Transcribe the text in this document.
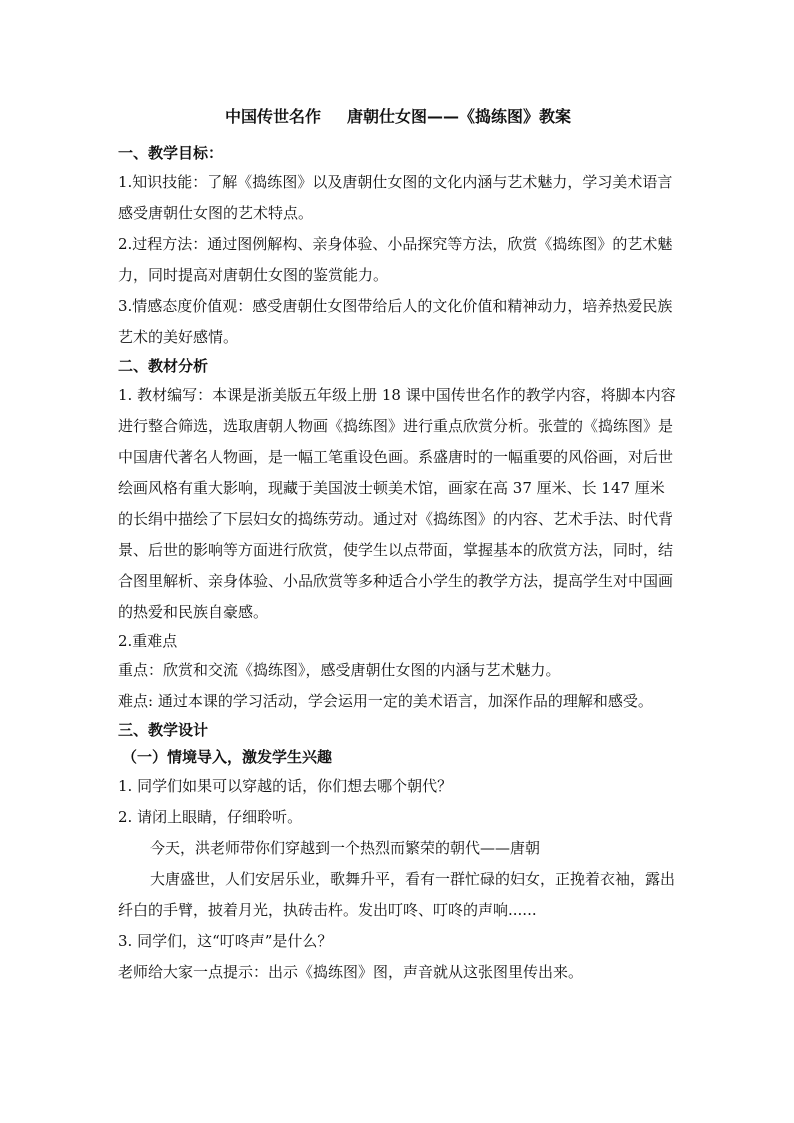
中国传世名作 唐朝仕女图——《捣练图》教案

一、教学目标：

1.知识技能：了解《捣练图》以及唐朝仕女图的文化内涵与艺术魅力，学习美术语言感受唐朝仕女图的艺术特点。

2.过程方法：通过图例解构、亲身体验、小品探究等方法，欣赏《捣练图》的艺术魅力，同时提高对唐朝仕女图的鉴赏能力。

3.情感态度价值观：感受唐朝仕女图带给后人的文化价值和精神动力，培养热爱民族艺术的美好感情。

二、教材分析

1. 教材编写：本课是浙美版五年级上册 18 课中国传世名作的教学内容，将脚本内容进行整合筛选，选取唐朝人物画《捣练图》进行重点欣赏分析。张萱的《捣练图》是中国唐代著名人物画，是一幅工笔重设色画。系盛唐时的一幅重要的风俗画，对后世绘画风格有重大影响，现藏于美国波士顿美术馆，画家在高 37 厘米、长 147 厘米的长绢中描绘了下层妇女的捣练劳动。通过对《捣练图》的内容、艺术手法、时代背景、后世的影响等方面进行欣赏，使学生以点带面，掌握基本的欣赏方法，同时，结合图里解析、亲身体验、小品欣赏等多种适合小学生的教学方法，提高学生对中国画的热爱和民族自豪感。

2.重难点

重点：欣赏和交流《捣练图》，感受唐朝仕女图的内涵与艺术魅力。

难点: 通过本课的学习活动，学会运用一定的美术语言，加深作品的理解和感受。

三、教学设计

（一）情境导入，激发学生兴趣

1. 同学们如果可以穿越的话，你们想去哪个朝代？

2. 请闭上眼睛，仔细聆听。

今天，洪老师带你们穿越到一个热烈而繁荣的朝代——唐朝

大唐盛世，人们安居乐业，歌舞升平，看有一群忙碌的妇女，正挽着衣袖，露出纤白的手臂，披着月光，执砖击杵。发出叮咚、叮咚的声响......

3. 同学们，这“叮咚声”是什么？

老师给大家一点提示：出示《捣练图》图，声音就从这张图里传出来。
